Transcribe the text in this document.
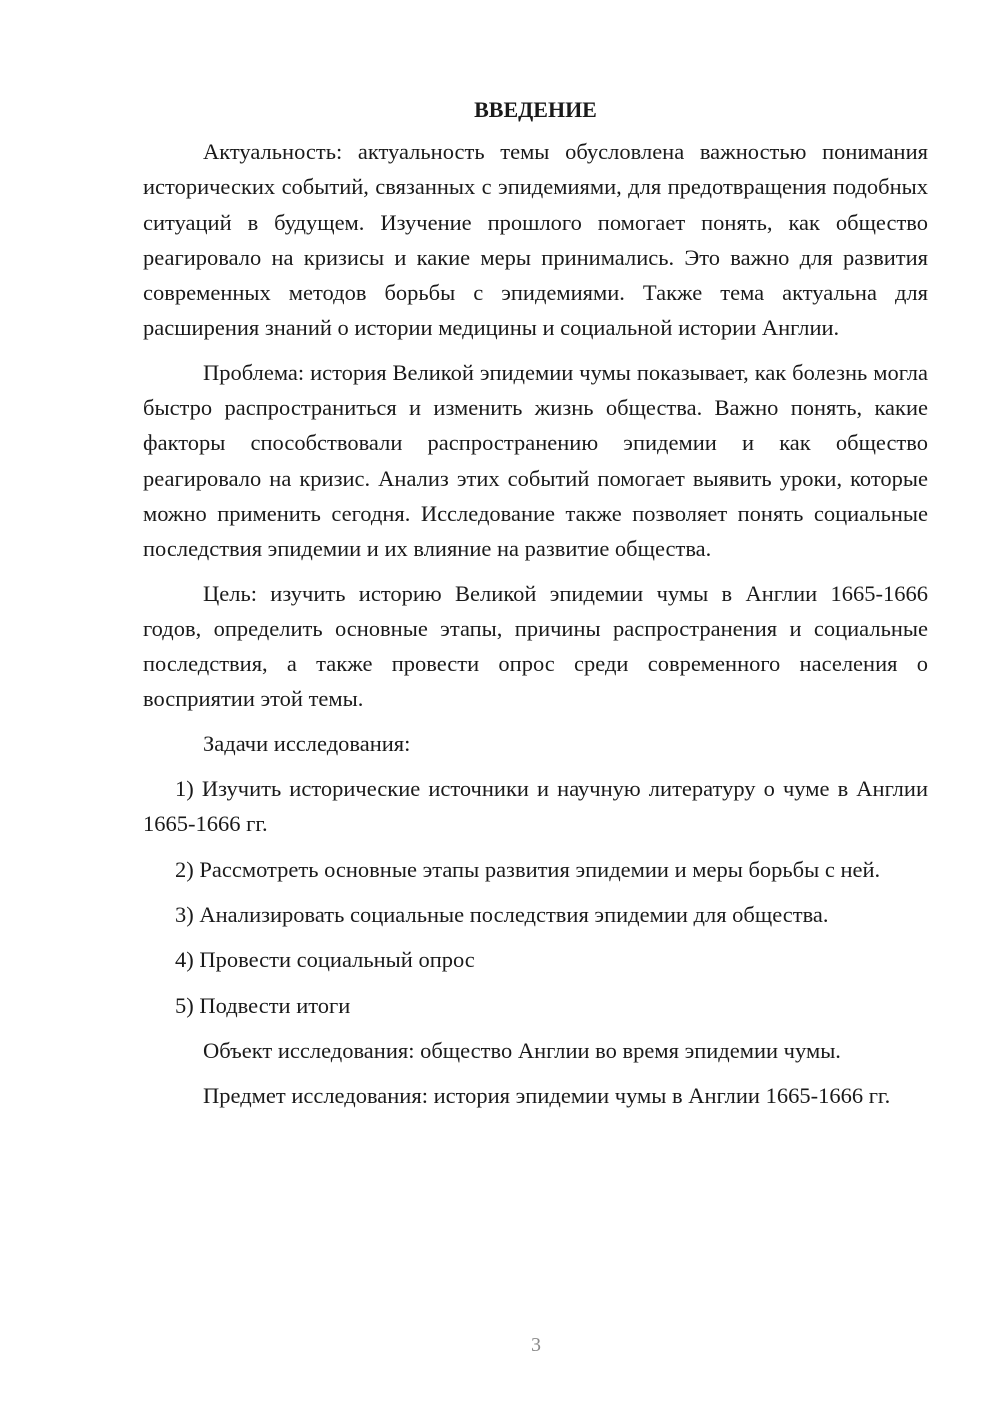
ВВЕДЕНИЕ

Актуальность: актуальность темы обусловлена важностью понимания исторических событий, связанных с эпидемиями, для предотвращения подобных ситуаций в будущем. Изучение прошлого помогает понять, как общество реагировало на кризисы и какие меры принимались. Это важно для развития современных методов борьбы с эпидемиями. Также тема актуальна для расширения знаний о истории медицины и социальной истории Англии.

Проблема: история Великой эпидемии чумы показывает, как болезнь могла быстро распространиться и изменить жизнь общества. Важно понять, какие факторы способствовали распространению эпидемии и как общество реагировало на кризис. Анализ этих событий помогает выявить уроки, которые можно применить сегодня. Исследование также позволяет понять социальные последствия эпидемии и их влияние на развитие общества.

Цель: изучить историю Великой эпидемии чумы в Англии 1665-1666 годов, определить основные этапы, причины распространения и социальные последствия, а также провести опрос среди современного населения о восприятии этой темы.

Задачи исследования:

1) Изучить исторические источники и научную литературу о чуме в Англии 1665-1666 гг.

2) Рассмотреть основные этапы развития эпидемии и меры борьбы с ней.

3) Анализировать социальные последствия эпидемии для общества.

4) Провести социальный опрос

5) Подвести итоги

Объект исследования: общество Англии во время эпидемии чумы.

Предмет исследования: история эпидемии чумы в Англии 1665-1666 гг.

3
